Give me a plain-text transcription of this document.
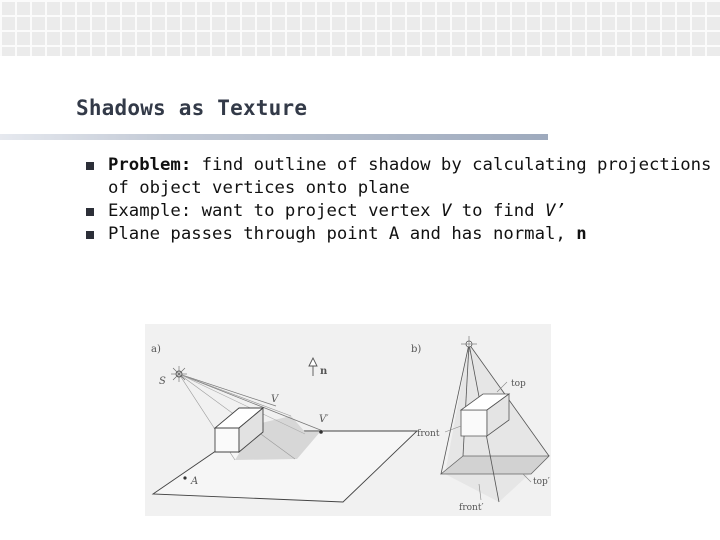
Shadows as Texture
Problem: find outline of shadow by calculating projections of object vertices onto plane
Example: want to project vertex V to find V’
Plane passes through point A and has normal, n
a)
S
n
V
V′
A
b)
top
front
top′
front′
